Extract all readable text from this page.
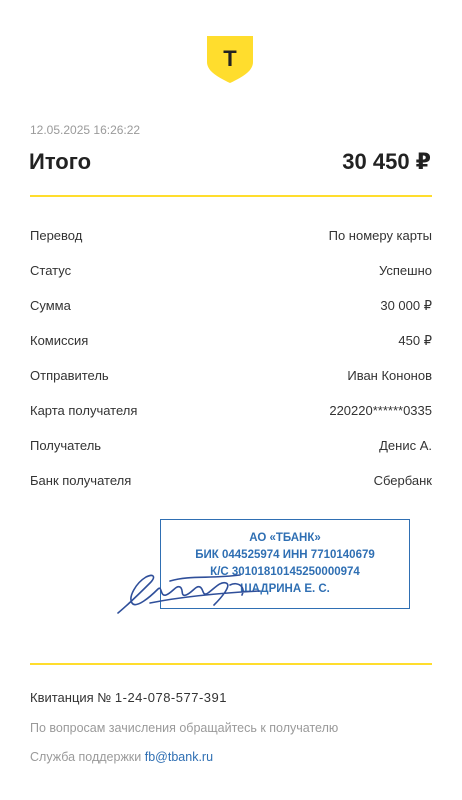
T
12.05.2025 16:26:22
Итого	30 450 ₽
Перевод	По номеру карты
Статус	Успешно
Сумма	30 000 ₽
Комиссия	450 ₽
Отправитель	Иван Кононов
Карта получателя	220220******0335
Получатель	Денис А.
Банк получателя	Сбербанк
АО «ТБАНК»
БИК 044525974 ИНН 7710140679
К/С 30101810145250000974
ШАДРИНА Е. С.
Квитанция № 1-24-078-577-391
По вопросам зачисления обращайтесь к получателю
Служба поддержки fb@tbank.ru
